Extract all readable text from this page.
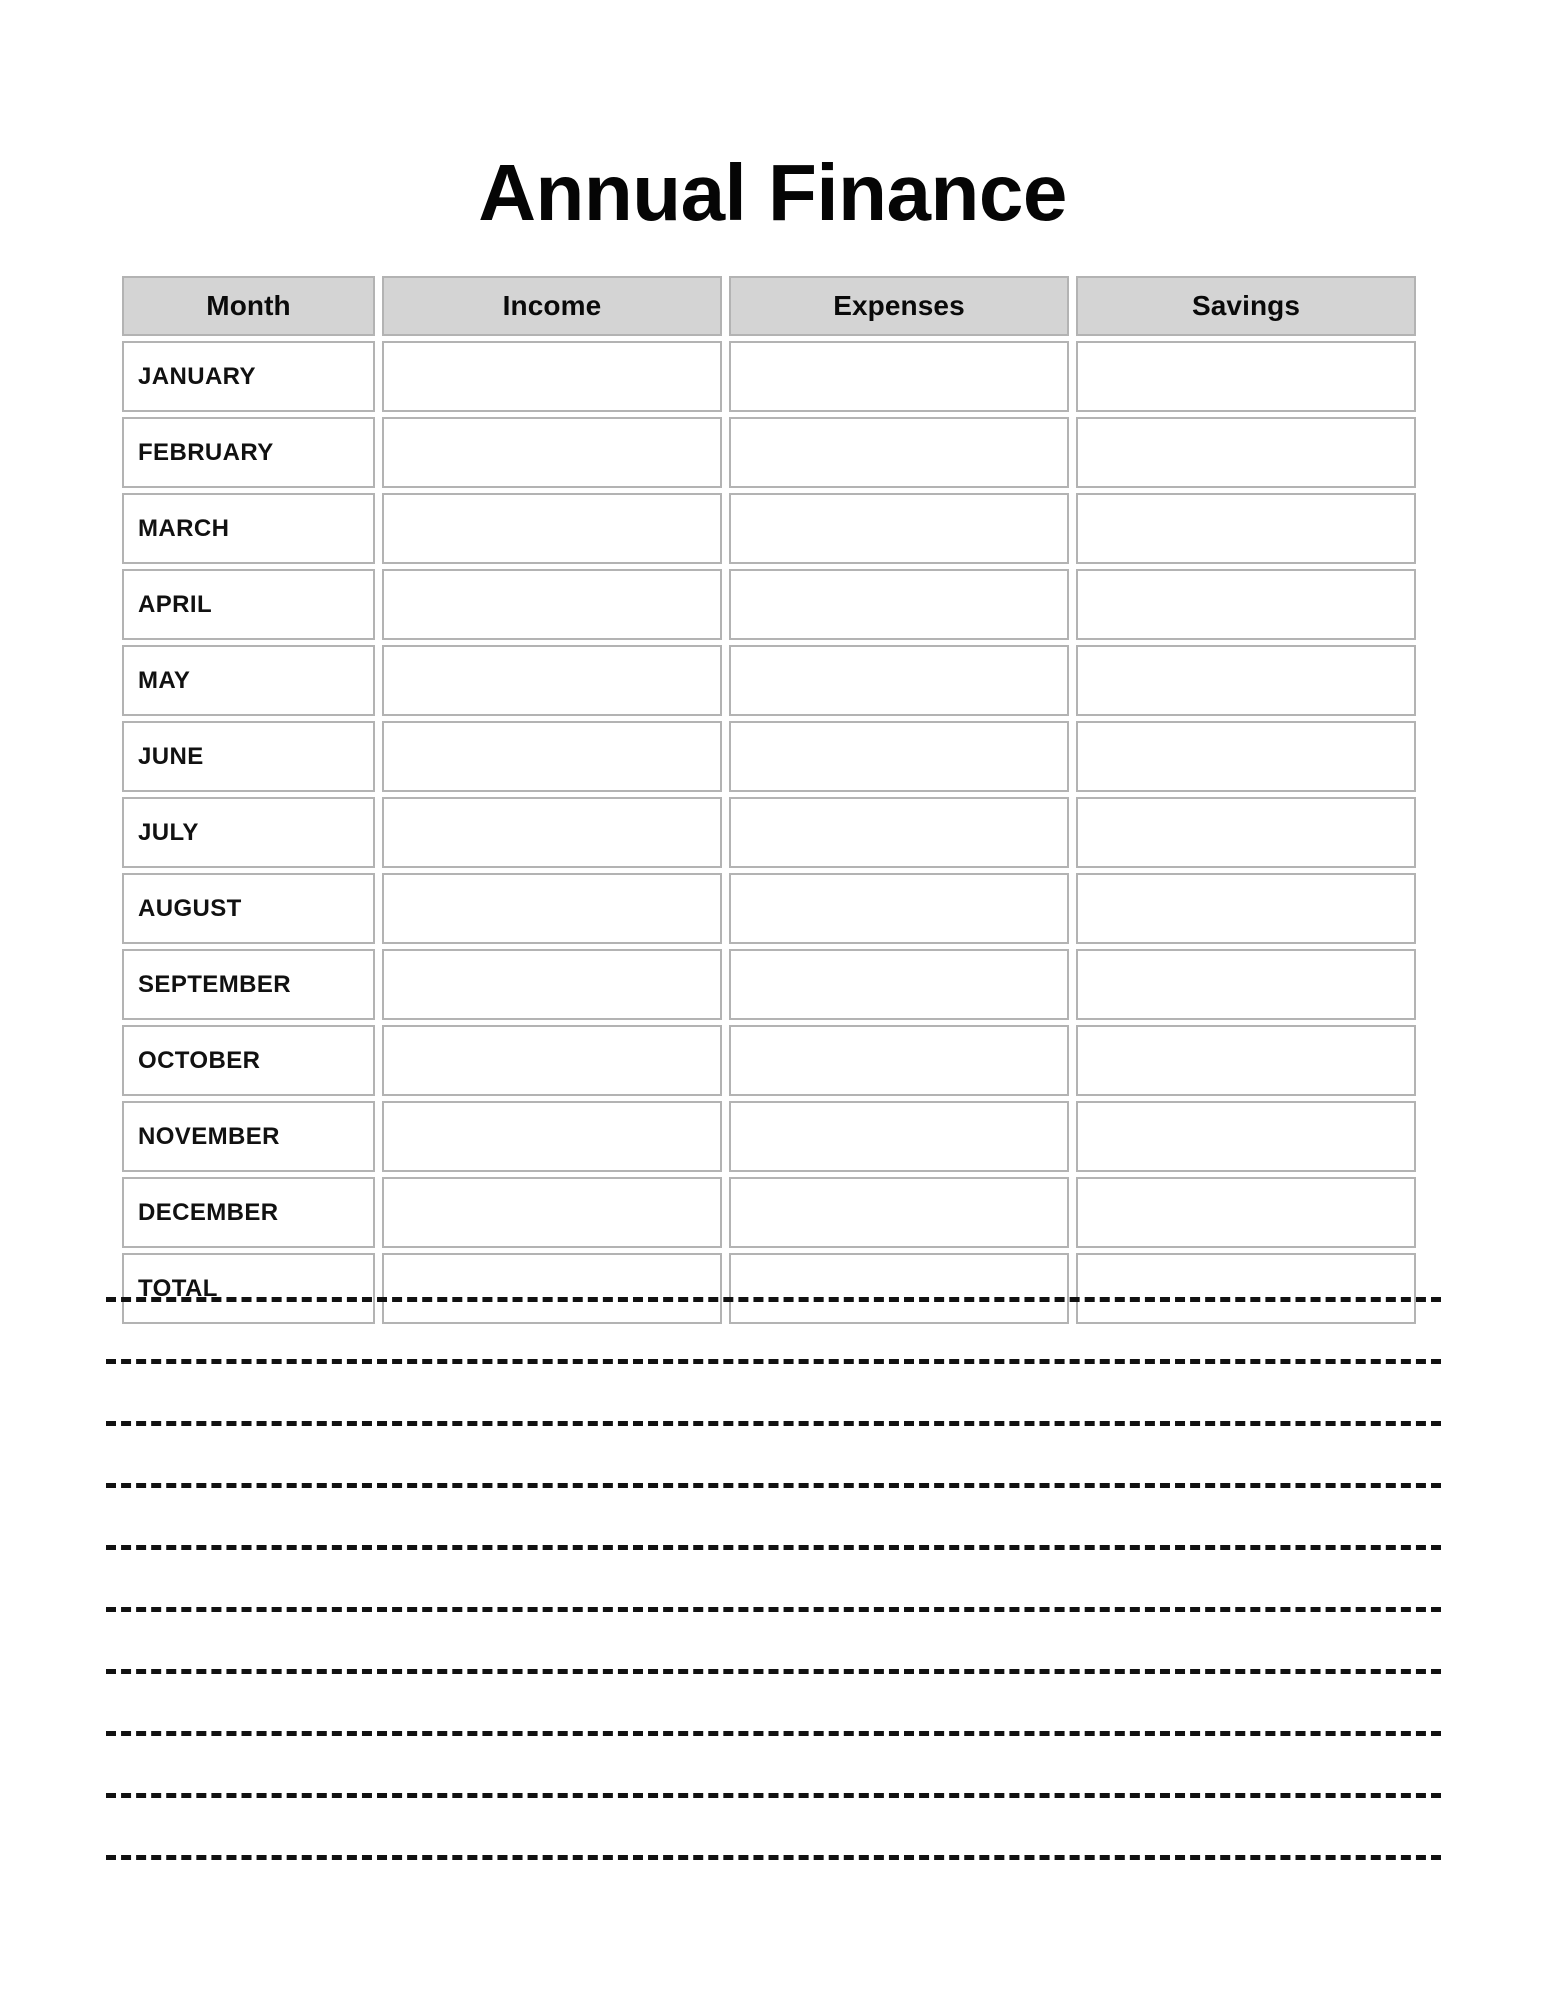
Annual Finance
Month	Income	Expenses	Savings
JANUARY
FEBRUARY
MARCH
APRIL
MAY
JUNE
JULY
AUGUST
SEPTEMBER
OCTOBER
NOVEMBER
DECEMBER
TOTAL
